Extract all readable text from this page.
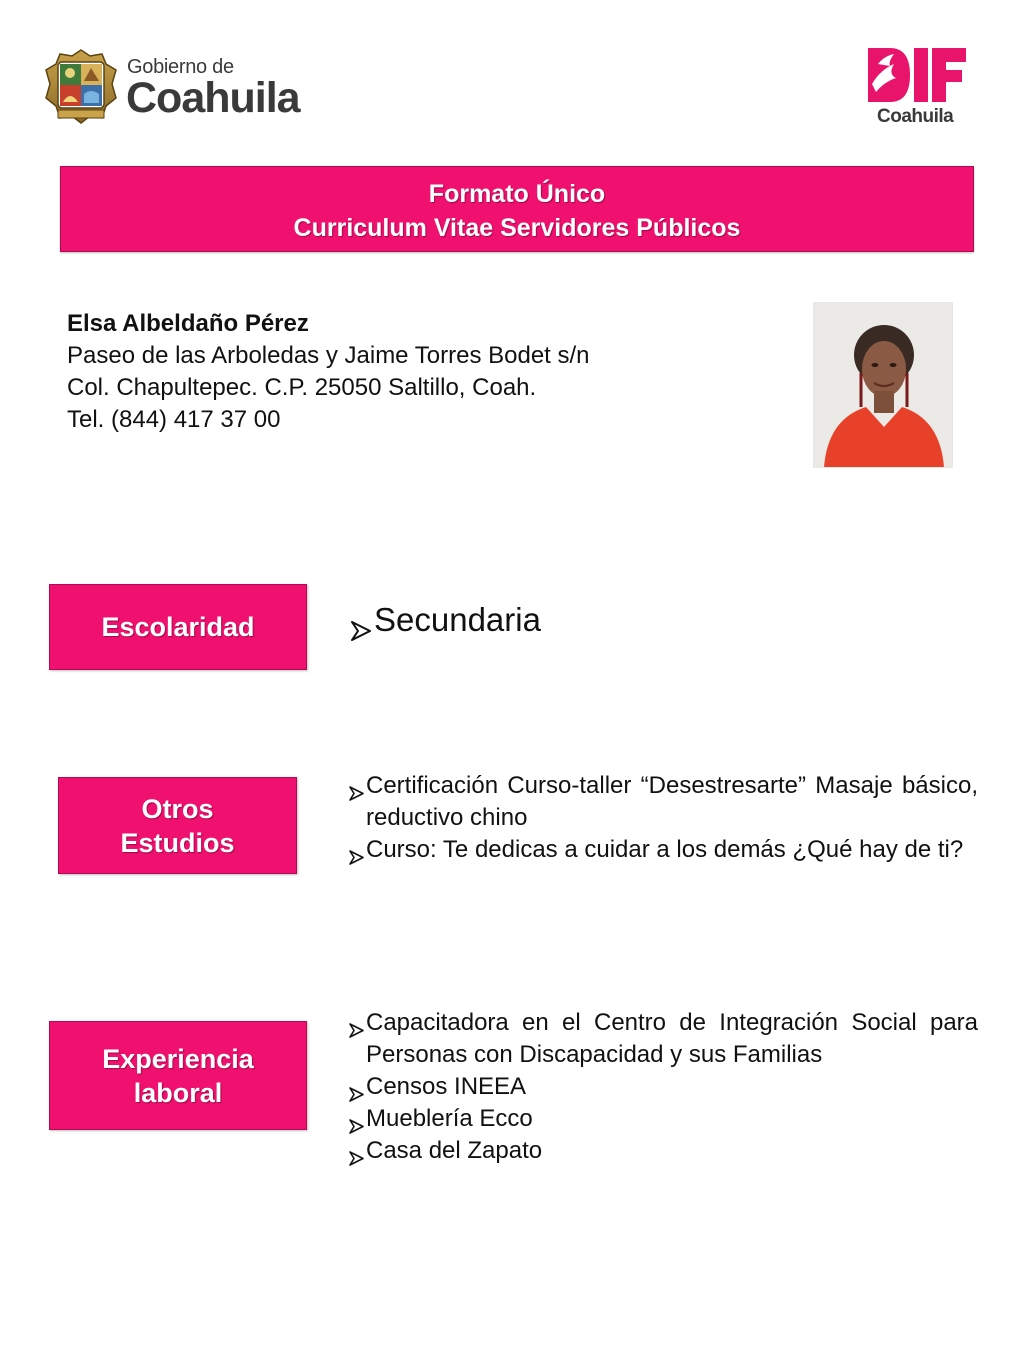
Gobierno de
Coahuila	Coahuila
Formato Único
Curriculum Vitae Servidores Públicos
Elsa Albeldaño Pérez
Paseo de las Arboledas y Jaime Torres Bodet s/n
Col. Chapultepec. C.P. 25050 Saltillo, Coah.
Tel. (844) 417 37 00
Escolaridad	Secundaria
Otros
Estudios
Certificación Curso-taller “Desestresarte” Masaje básico, reductivo chino
Curso: Te dedicas a cuidar a los demás ¿Qué hay de ti?
Experiencia
laboral
Capacitadora en el Centro de Integración Social para Personas con Discapacidad y sus Familias
Censos INEEA
Mueblería Ecco
Casa del Zapato
